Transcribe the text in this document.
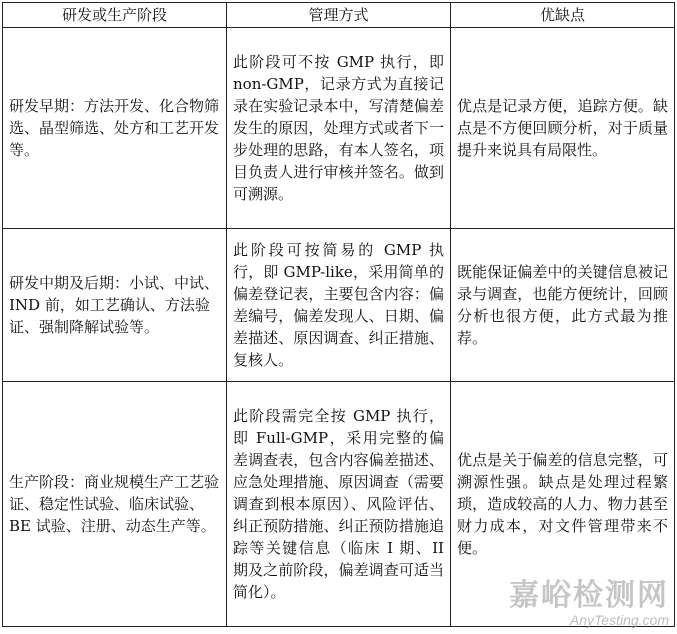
研发或生产阶段	管理方式	优缺点
研发早期：方法开发、化合物筛选、晶型筛选、处方和工艺开发等。	此阶段可不按 GMP 执行，即 non-GMP，记录方式为直接记录在实验记录本中，写清楚偏差发生的原因，处理方式或者下一步处理的思路，有本人签名，项目负责人进行审核并签名。做到可溯源。	优点是记录方便，追踪方便。缺点是不方便回顾分析，对于质量提升来说具有局限性。
研发中期及后期：小试、中试、IND 前，如工艺确认、方法验证、强制降解试验等。	此阶段可按简易的 GMP 执行，即 GMP-like，采用简单的偏差登记表，主要包含内容：偏差编号，偏差发现人、日期、偏差描述、原因调查、纠正措施、复核人。	既能保证偏差中的关键信息被记录与调查，也能方便统计，回顾分析也很方便，此方式最为推荐。
生产阶段：商业规模生产工艺验证、稳定性试验、临床试验、BE 试验、注册、动态生产等。	此阶段需完全按 GMP 执行，即 Full-GMP，采用完整的偏差调查表，包含内容偏差描述、应急处理措施、原因调查（需要调查到根本原因）、风险评估、纠正预防措施、纠正预防措施追踪等关键信息（临床 I 期、II 期及之前阶段，偏差调查可适当简化）。	优点是关于偏差的信息完整，可溯源性强。缺点是处理过程繁琐，造成较高的人力、物力甚至财力成本，对文件管理带来不便。
嘉峪检测网
AnyTesting.com
